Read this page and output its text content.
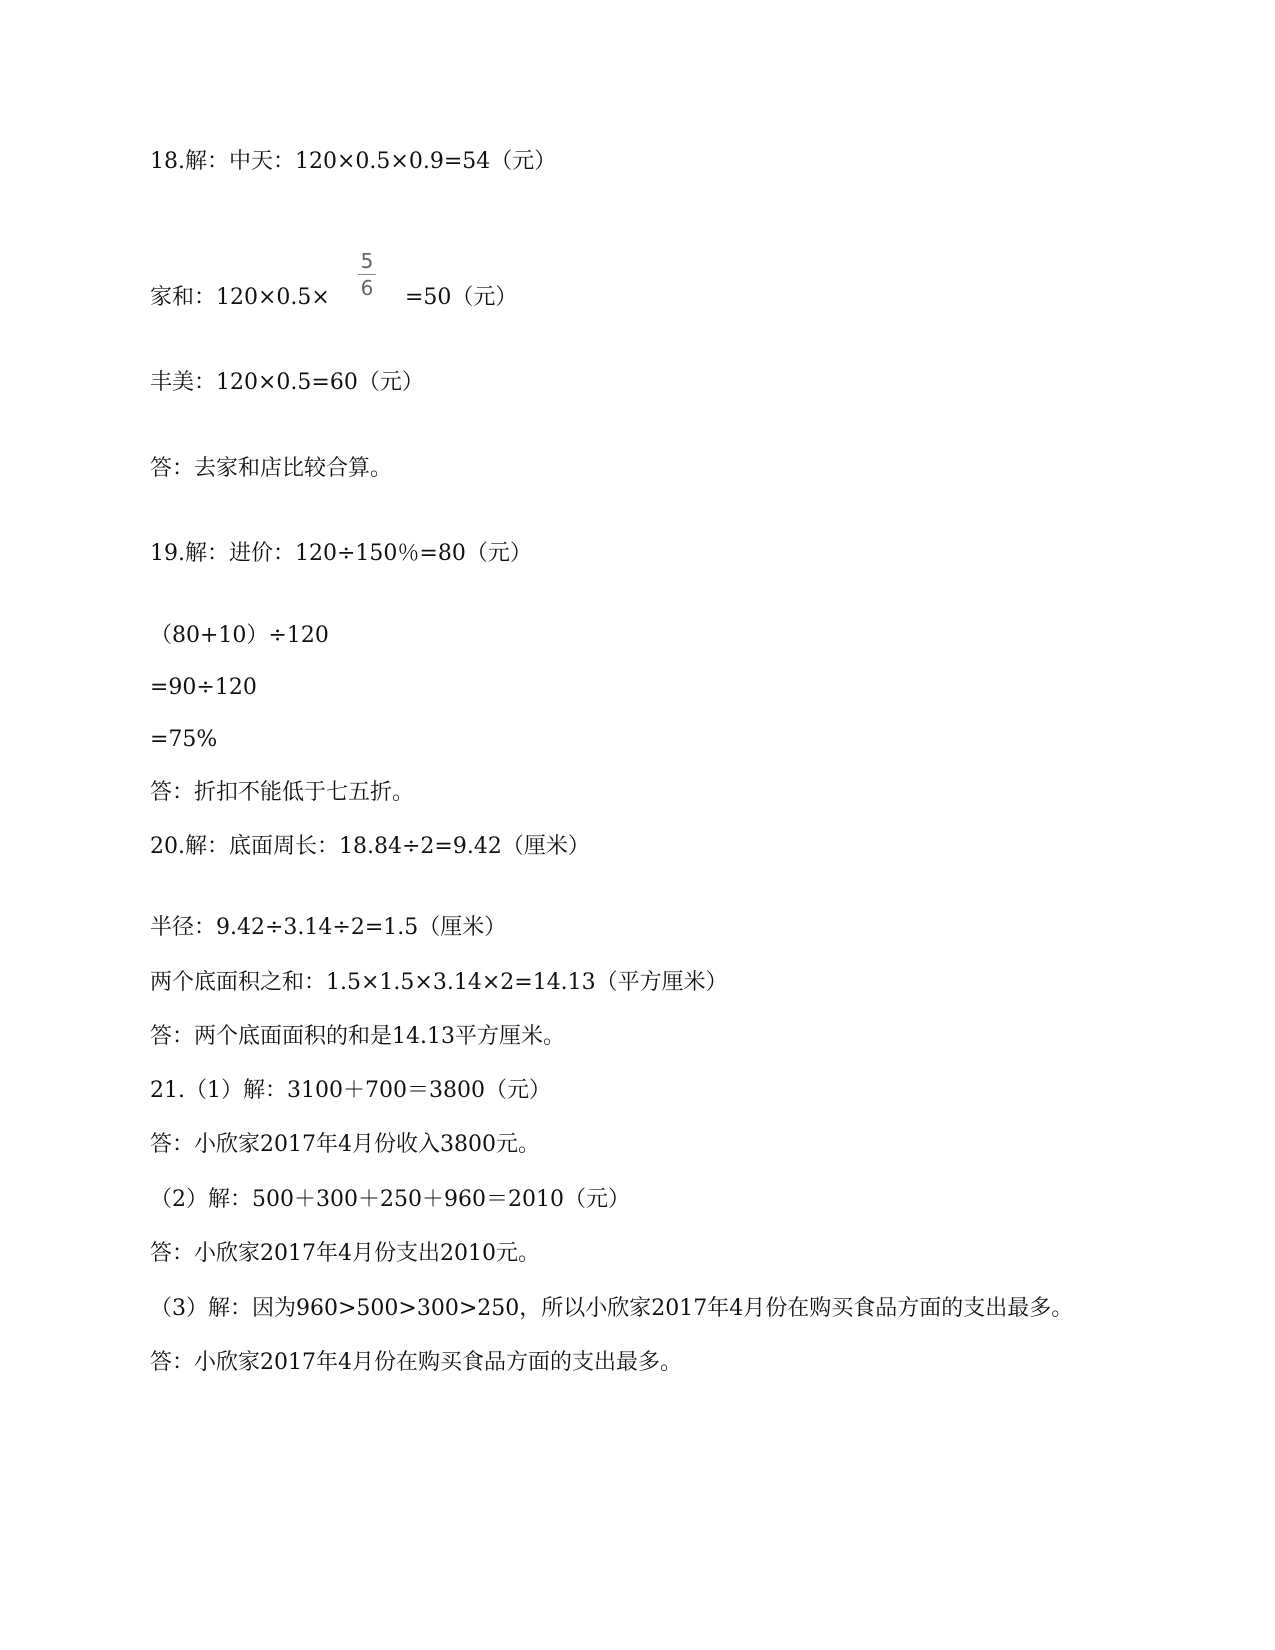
18.解：中天：120×0.5×0.9=54（元）
家和：120×0.5×
5
6 =50（元）
丰美：120×0.5=60（元）
答：去家和店比较合算。
19.解：进价：120÷150％=80（元）
（80+10）÷120
=90÷120
=75%
答：折扣不能低于七五折。
20.解：底面周长：18.84÷2=9.42（厘米）
半径：9.42÷3.14÷2=1.5（厘米）
两个底面积之和：1.5×1.5×3.14×2=14.13（平方厘米）
答：两个底面面积的和是14.13平方厘米。
21.（1）解：3100＋700＝3800（元）
答：小欣家2017年4月份收入3800元。
（2）解：500＋300＋250＋960＝2010（元）
答：小欣家2017年4月份支出2010元。
（3）解：因为960>500>300>250，所以小欣家2017年4月份在购买食品方面的支出最多。
答：小欣家2017年4月份在购买食品方面的支出最多。
